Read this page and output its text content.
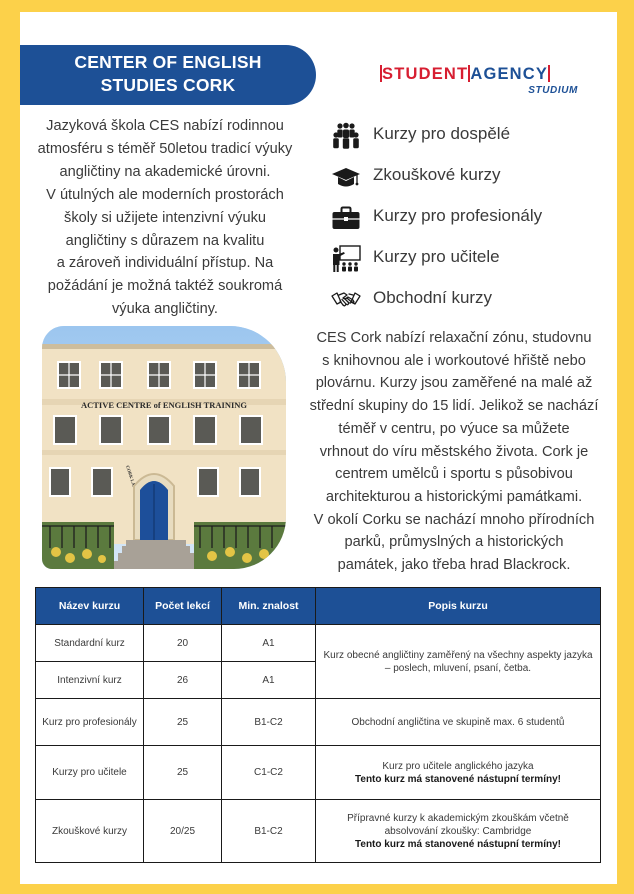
CENTER OF ENGLISH
STUDIES CORK
STUDENT AGENCY
STUDIUM
Jazyková škola CES nabízí rodinnou
atmosféru s téměř 50letou tradicí výuky
angličtiny na akademické úrovni.
V útulných ale moderních prostorách
školy si užijete intenzivní výuku
angličtiny s důrazem na kvalitu
a zároveň individuální přístup. Na
požádání je možná taktéž soukromá
výuka angličtiny.
Kurzy pro dospělé
Zkouškové kurzy
Kurzy pro profesionály
Kurzy pro učitele
Obchodní kurzy
ACTIVE CENTRE of ENGLISH TRAINING
CORK
CES Cork nabízí relaxační zónu, studovnu
s knihovnou ale i workoutové hřiště nebo
plovárnu. Kurzy jsou zaměřené na malé až
střední skupiny do 15 lidí. Jelikož se nachází
téměř v centru, po výuce sa můžete
vrhnout do víru městského života. Cork je
centrem umělců i sportu s působivou
architekturou a historickými památkami.
V okolí Corku se nachází mnoho přírodních
parků, průmyslných a historických
památek, jako třeba hrad Blackrock.
Název kurzu	Počet lekcí	Min. znalost	Popis kurzu
Standardní kurz	20	A1	Kurz obecné angličtiny zaměřený na všechny aspekty jazyka – poslech, mluvení, psaní, četba.
Intenzivní kurz	26	A1	
Kurz pro profesionály	25	B1-C2	Obchodní angličtina ve skupině max. 6 studentů
Kurzy pro učitele	25	C1-C2	Kurz pro učitele anglického jazyka
Tento kurz má stanovené nástupní termíny!

Zkouškové kurzy	20/25	B1-C2	Přípravné kurzy k akademickým zkouškám včetně absolvování zkoušky: Cambridge
Tento kurz má stanovené nástupní termíny!
